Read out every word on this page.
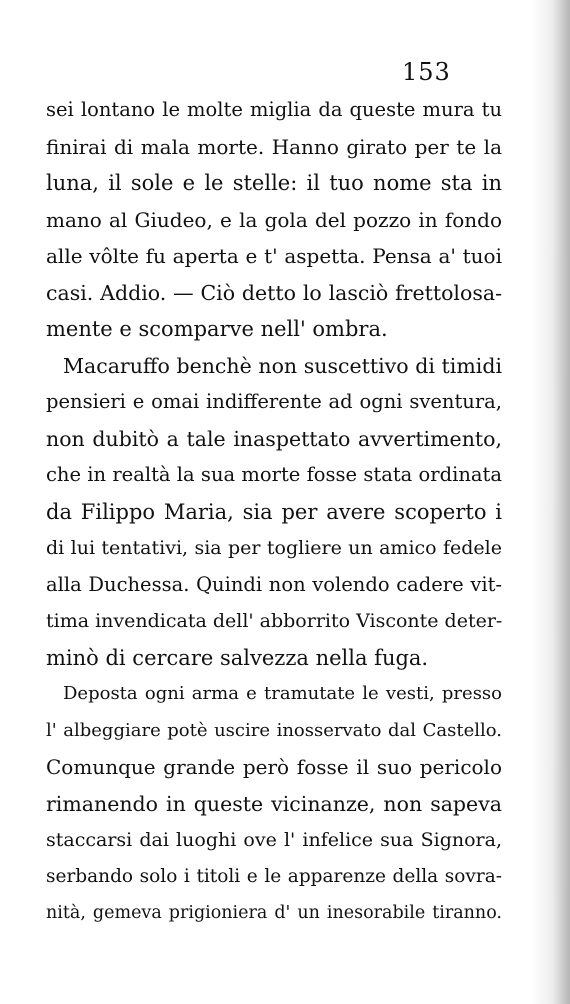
153
sei lontano le molte miglia da queste mura tu
finirai di mala morte. Hanno girato per te la
luna, il sole e le stelle: il tuo nome sta in
mano al Giudeo, e la gola del pozzo in fondo
alle vôlte fu aperta e t' aspetta. Pensa a' tuoi
casi. Addio. — Ciò detto lo lasciò frettolosa-
mente e scomparve nell' ombra.
Macaruffo benchè non suscettivo di timidi
pensieri e omai indifferente ad ogni sventura,
non dubitò a tale inaspettato avvertimento,
che in realtà la sua morte fosse stata ordinata
da Filippo Maria, sia per avere scoperto i
di lui tentativi, sia per togliere un amico fedele
alla Duchessa. Quindi non volendo cadere vit-
tima invendicata dell' abborrito Visconte deter-
minò di cercare salvezza nella fuga.
Deposta ogni arma e tramutate le vesti, presso
l' albeggiare potè uscire inosservato dal Castello.
Comunque grande però fosse il suo pericolo
rimanendo in queste vicinanze, non sapeva
staccarsi dai luoghi ove l' infelice sua Signora,
serbando solo i titoli e le apparenze della sovra-
nità, gemeva prigioniera d' un inesorabile tiranno.
